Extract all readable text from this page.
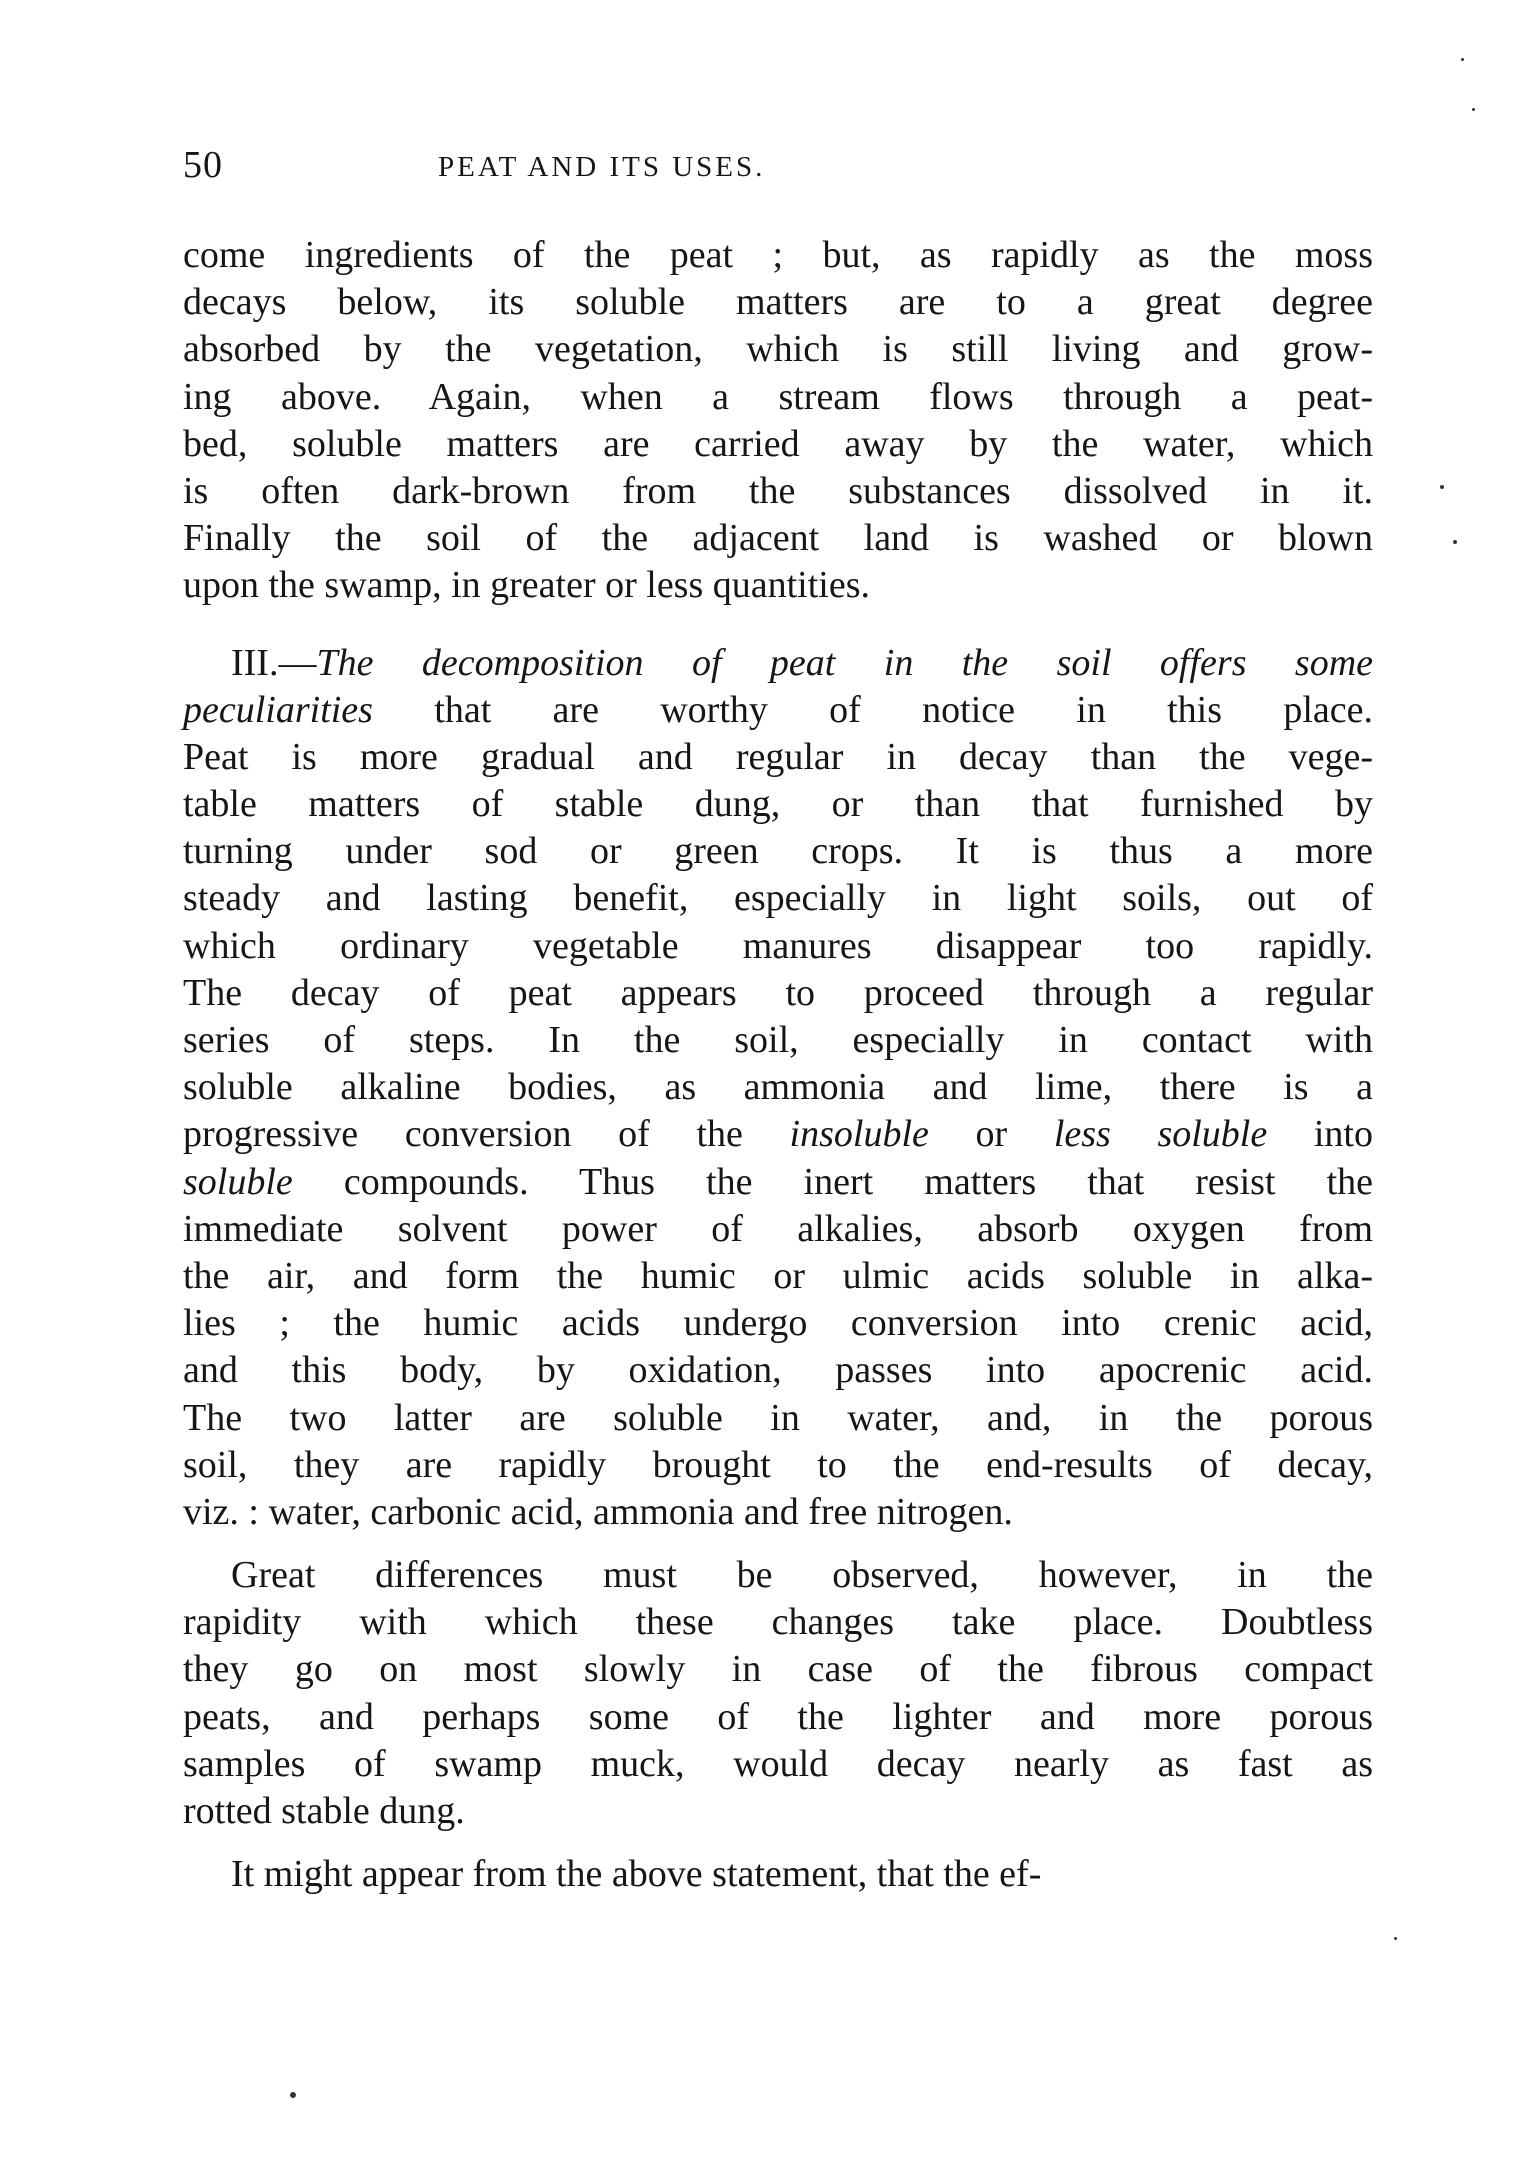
50	PEAT AND ITS USES.
come ingredients of the peat ; but, as rapidly as the moss
decays below, its soluble matters are to a great degree
absorbed by the vegetation, which is still living and grow-
ing above. Again, when a stream flows through a peat-
bed, soluble matters are carried away by the water, which
is often dark-brown from the substances dissolved in it.
Finally the soil of the adjacent land is washed or blown
upon the swamp, in greater or less quantities.
III.—The decomposition of peat in the soil offers some
peculiarities that are worthy of notice in this place.
Peat is more gradual and regular in decay than the vege-
table matters of stable dung, or than that furnished by
turning under sod or green crops. It is thus a more
steady and lasting benefit, especially in light soils, out of
which ordinary vegetable manures disappear too rapidly.
The decay of peat appears to proceed through a regular
series of steps. In the soil, especially in contact with
soluble alkaline bodies, as ammonia and lime, there is a
progressive conversion of the insoluble or less soluble into
soluble compounds. Thus the inert matters that resist the
immediate solvent power of alkalies, absorb oxygen from
the air, and form the humic or ulmic acids soluble in alka-
lies ; the humic acids undergo conversion into crenic acid,
and this body, by oxidation, passes into apocrenic acid.
The two latter are soluble in water, and, in the porous
soil, they are rapidly brought to the end-results of decay,
viz. : water, carbonic acid, ammonia and free nitrogen.
Great differences must be observed, however, in the
rapidity with which these changes take place. Doubtless
they go on most slowly in case of the fibrous compact
peats, and perhaps some of the lighter and more porous
samples of swamp muck, would decay nearly as fast as
rotted stable dung.
It might appear from the above statement, that the ef-
